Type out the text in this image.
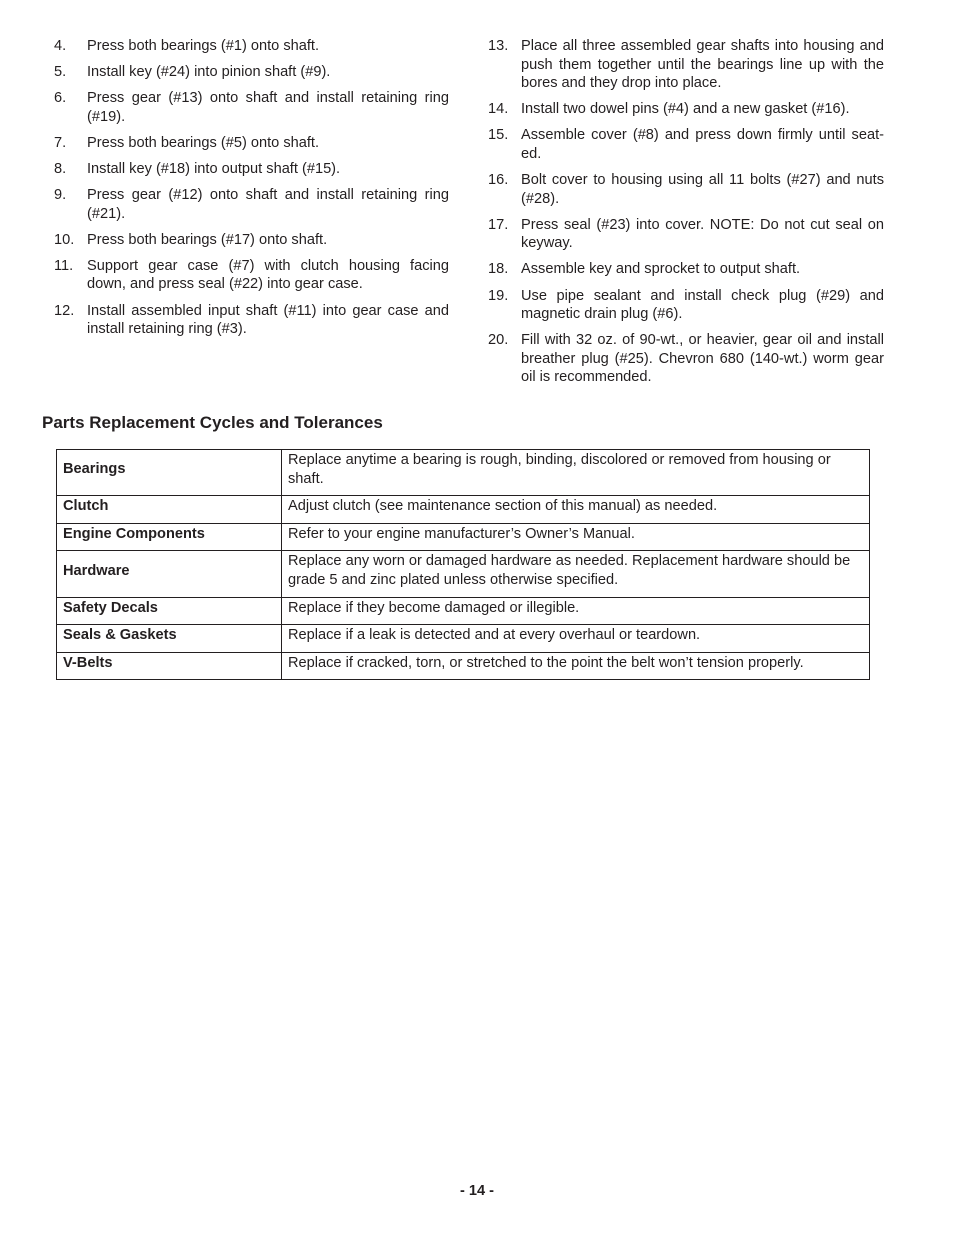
4.	Press both bearings (#1) onto shaft.
5.	Install key (#24) into pinion shaft (#9).
6.	Press gear (#13) onto shaft and install retaining ring (#19).
7.	Press both bearings (#5) onto shaft.
8.	Install key (#18) into output shaft (#15).
9.	Press gear (#12) onto shaft and install retaining ring (#21).
10. Press both bearings (#17) onto shaft.
11. Support gear case (#7) with clutch housing facing down, and press seal (#22) into gear case.
12. Install assembled input shaft (#11) into gear case and install retaining ring (#3).
13. Place all three assembled gear shafts into housing and push them together until the bearings line up with the bores and they drop into place.
14. Install two dowel pins (#4) and a new gasket (#16).
15. Assemble cover (#8) and press down firmly until seat-ed.
16. Bolt cover to housing using all 11 bolts (#27) and nuts (#28).
17. Press seal (#23) into cover. NOTE: Do not cut seal on keyway.
18. Assemble key and sprocket to output shaft.
19. Use pipe sealant and install check plug (#29) and magnetic drain plug (#6).
20. Fill with 32 oz. of 90-wt., or heavier, gear oil and install breather plug (#25). Chevron 680 (140-wt.) worm gear oil is recommended.
Parts Replacement Cycles and Tolerances
Bearings	Replace anytime a bearing is rough, binding, discolored or removed from housing or shaft.
Clutch	Adjust clutch (see maintenance section of this manual) as needed.
Engine Components	Refer to your engine manufacturer’s Owner’s Manual.
Hardware	Replace any worn or damaged hardware as needed. Replacement hardware should be grade 5 and zinc plated unless otherwise specified.
Safety Decals	Replace if they become damaged or illegible.
Seals & Gaskets	Replace if a leak is detected and at every overhaul or teardown.
V-Belts	Replace if cracked, torn, or stretched to the point the belt won’t tension properly.
- 14 -
